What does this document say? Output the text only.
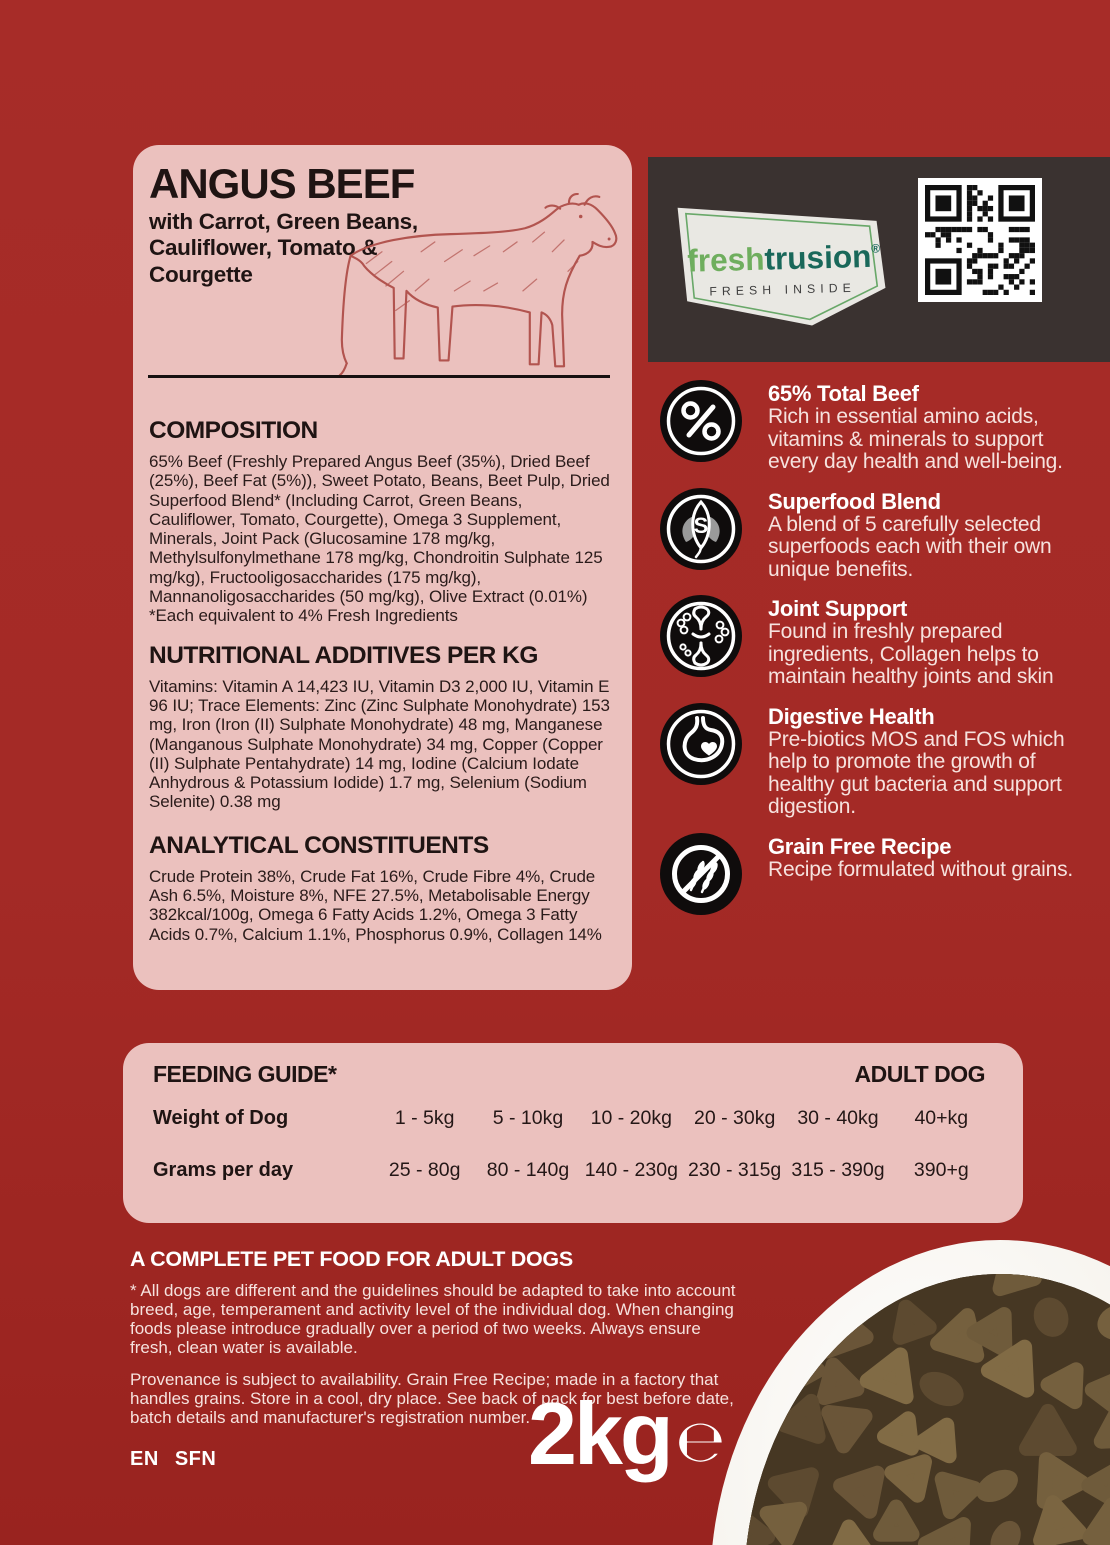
ANGUS BEEF

with Carrot, Green Beans, Cauliflower, Tomato & Courgette

COMPOSITION

65% Beef (Freshly Prepared Angus Beef (35%), Dried Beef (25%), Beef Fat (5%)), Sweet Potato, Beans, Beet Pulp, Dried Superfood Blend* (Including Carrot, Green Beans, Cauliflower, Tomato, Courgette), Omega 3 Supplement, Minerals, Joint Pack (Glucosamine 178 mg/kg, Methylsulfonylmethane 178 mg/kg, Chondroitin Sulphate 125 mg/kg), Fructooligosaccharides (175 mg/kg), Mannanoligosaccharides (50 mg/kg), Olive Extract (0.01%) *Each equivalent to 4% Fresh Ingredients

NUTRITIONAL ADDITIVES PER KG

Vitamins: Vitamin A 14,423 IU, Vitamin D3 2,000 IU, Vitamin E 96 IU; Trace Elements: Zinc (Zinc Sulphate Monohydrate) 153 mg, Iron (Iron (II) Sulphate Monohydrate) 48 mg, Manganese (Manganous Sulphate Monohydrate) 34 mg, Copper (Copper (II) Sulphate Pentahydrate) 14 mg, Iodine (Calcium Iodate Anhydrous & Potassium Iodide) 1.7 mg, Selenium (Sodium Selenite) 0.38 mg

ANALYTICAL CONSTITUENTS

Crude Protein 38%, Crude Fat 16%, Crude Fibre 4%, Crude Ash 6.5%, Moisture 8%, NFE 27.5%, Metabolisable Energy 382kcal/100g, Omega 6 Fatty Acids 1.2%, Omega 3 Fatty Acids 0.7%, Calcium 1.1%, Phosphorus 0.9%, Collagen 14%

freshtrusion®
FRESH INSIDE
65% Total Beef

Rich in essential amino acids, vitamins & minerals to support every day health and well-being.

S
Superfood Blend

A blend of 5 carefully selected superfoods each with their own unique benefits.

Joint Support

Found in freshly prepared ingredients, Collagen helps to maintain healthy joints and skin

Digestive Health

Pre-biotics MOS and FOS which help to promote the growth of healthy gut bacteria and support digestion.

Grain Free Recipe

Recipe formulated without grains.

FEEDING GUIDE*	ADULT DOG
Weight of Dog	1 - 5kg	5 - 10kg	10 - 20kg	20 - 30kg	30 - 40kg	40+kg
Grams per day	25 - 80g	80 - 140g 140 - 230g 230 - 315g 315 - 390g	390+g
A COMPLETE PET FOOD FOR ADULT DOGS

* All dogs are different and the guidelines should be adapted to take into account breed, age, temperament and activity level of the individual dog. When changing foods please introduce gradually over a period of two weeks. Always ensure fresh, clean water is available.

Provenance is subject to availability. Grain Free Recipe; made in a factory that handles grains. Store in a cool, dry place. See back of pack for best before date, batch details and manufacturer's registration number.

2kg ℮
EN SFN
